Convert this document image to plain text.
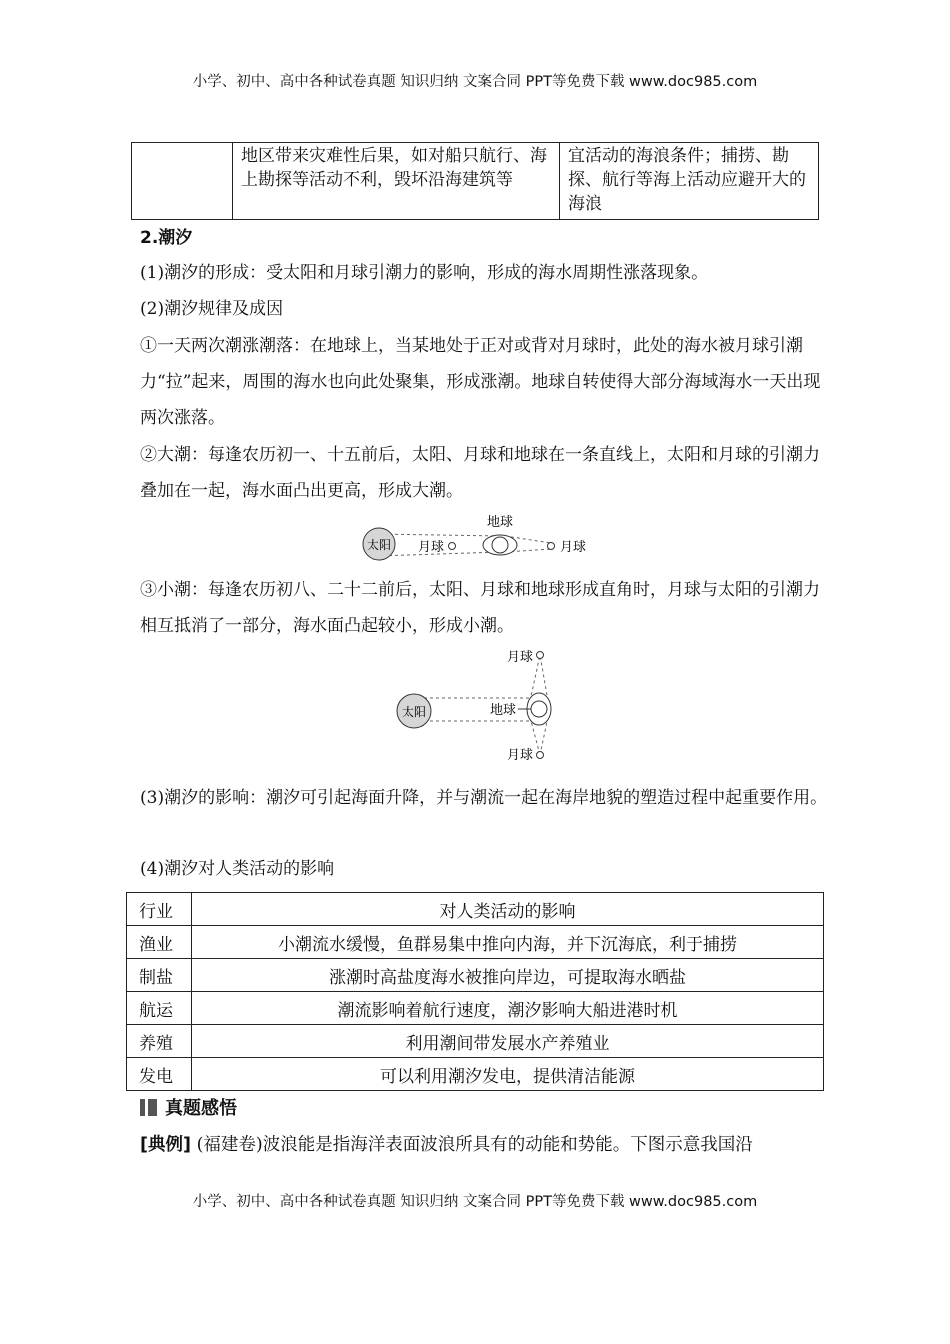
小学、初中、高中各种试卷真题 知识归纳 文案合同 PPT等免费下载 www.doc985.com
	地区带来灾难性后果，如对船只航行、海上勘探等活动不利，毁坏沿海建筑等	宜活动的海浪条件；捕捞、勘探、航行等海上活动应避开大的海浪
2.潮汐

(1)潮汐的形成：受太阳和月球引潮力的影响，形成的海水周期性涨落现象。

(2)潮汐规律及成因

①一天两次潮涨潮落：在地球上，当某地处于正对或背对月球时，此处的海水被月球引潮力“拉”起来，周围的海水也向此处聚集，形成涨潮。地球自转使得大部分海域海水一天出现两次涨落。

②大潮：每逢农历初一、十五前后，太阳、月球和地球在一条直线上，太阳和月球的引潮力叠加在一起，海水面凸出更高，形成大潮。

太阳
地球
月球	月球

③小潮：每逢农历初八、二十二前后，太阳、月球和地球形成直角时，月球与太阳的引潮力相互抵消了一部分，海水面凸起较小，形成小潮。

太阳	地球
月球
月球

(3)潮汐的影响：潮汐可引起海面升降，并与潮流一起在海岸地貌的塑造过程中起重要作用。

(4)潮汐对人类活动的影响

行业	对人类活动的影响
渔业	小潮流水缓慢，鱼群易集中推向内海，并下沉海底，利于捕捞
制盐	涨潮时高盐度海水被推向岸边，可提取海水晒盐
航运	潮流影响着航行速度，潮汐影响大船进港时机
养殖	利用潮间带发展水产养殖业
发电	可以利用潮汐发电，提供清洁能源
真题感悟

[典例] (福建卷)波浪能是指海洋表面波浪所具有的动能和势能。下图示意我国沿

小学、初中、高中各种试卷真题 知识归纳 文案合同 PPT等免费下载 www.doc985.com
